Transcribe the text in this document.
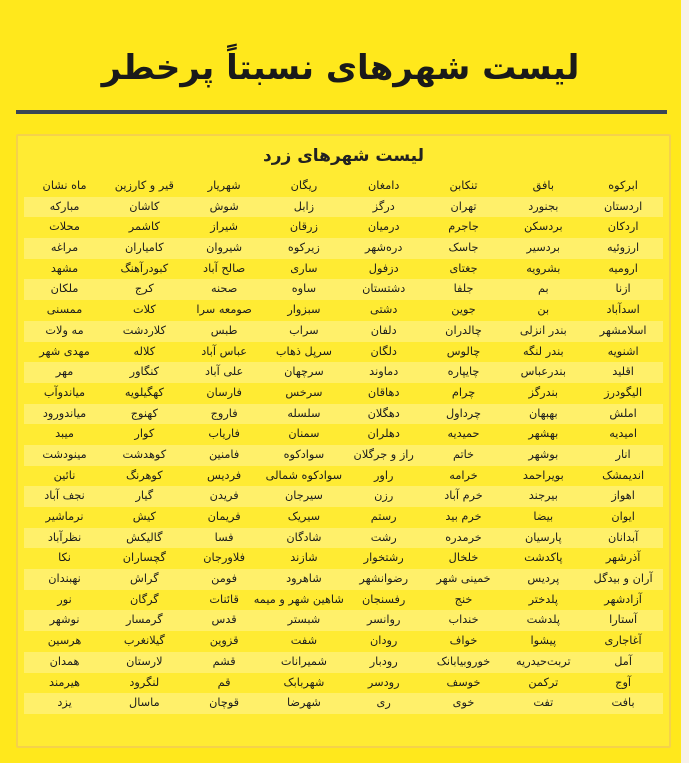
لیست شهرهای نسبتاً پرخطر
لیست شهرهای زرد
ابرکوه
بافق
تنکابن
دامغان
ریگان
شهریار
قیر و کارزین
ماه نشان
اردستان
بجنورد
تهران
درگز
زابل
شوش
کاشان
مبارکه
اردکان
بردسکن
جاجرم
درمیان
زرقان
شیراز
کاشمر
محلات
ارزوئیه
بردسیر
جاسک
دره‌شهر
زیرکوه
شیروان
کامیاران
مراغه
ارومیه
بشرویه
جغتای
دزفول
ساری
صالح آباد
کبودرآهنگ
مشهد
ازنا
بم
جلفا
دشتستان
ساوه
صحنه
کرج
ملکان
اسدآباد
بن
جوین
دشتی
سبزوار
صومعه سرا
کلات
ممسنی
اسلامشهر
بندر انزلی
چالدران
دلفان
سراب
طبس
کلاردشت
مه ولات
اشنویه
بندر لنگه
چالوس
دلگان
سرپل ذهاب
عباس آباد
کلاله
مهدی شهر
اقلید
بندرعباس
چایپاره
دماوند
سرچهان
علی آباد
کنگاور
مهر
الیگودرز
بندرگز
چرام
دهاقان
سرخس
فارسان
کهگیلویه
میاندوآب
املش
بهبهان
چرداول
دهگلان
سلسله
فاروج
کهنوج
میاندورود
امیدیه
بهشهر
حمیدیه
دهلران
سمنان
فاریاب
کوار
میبد
انار
بوشهر
خاتم
راز و جرگلان
سوادکوه
فامنین
کوهدشت
مینودشت
اندیمشک
بویراحمد
خرامه
راور
سوادکوه شمالی
فردیس
کوهرنگ
نائین
اهواز
بیرجند
خرم آباد
رزن
سیرجان
فریدن
گیار
نجف آباد
ایوان
بیضا
خرم بید
رستم
سیریک
فریمان
کیش
نرماشیر
آبدانان
پارسیان
خرمدره
رشت
شادگان
فسا
گالیکش
نظرآباد
آذرشهر
پاکدشت
خلخال
رشتخوار
شازند
فلاورجان
گچساران
نکا
آران و بیدگل
پردیس
خمینی شهر
رضوانشهر
شاهرود
فومن
گراش
نهبندان
آزادشهر
پلدختر
خنج
رفسنجان
شاهین شهر و میمه
قائنات
گرگان
نور
آستارا
پلدشت
خنداب
روانسر
شبستر
قدس
گرمسار
نوشهر
آغاجاری
پیشوا
خواف
رودان
شفت
قزوین
گیلانغرب
هرسین
آمل
تربت‌حیدریه
خوروبیابانک
رودبار
شمیرانات
قشم
لارستان
همدان
آوج
ترکمن
خوسف
رودسر
شهربابک
قم
لنگرود
هیرمند
بافت
تفت
خوی
ری
شهرضا
قوچان
ماسال
یزد
